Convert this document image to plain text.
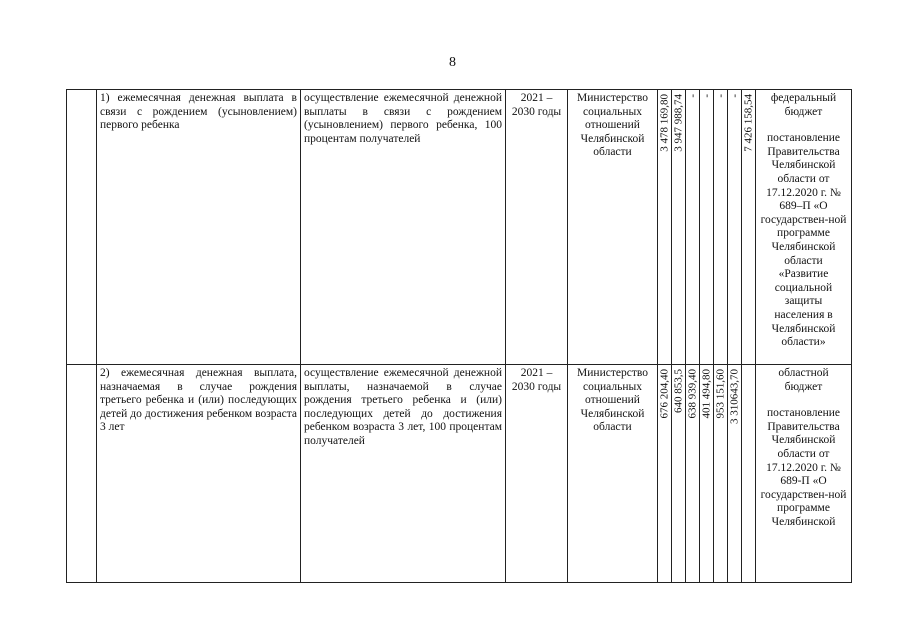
8
	1) ежемесячная денежная выплата в связи с рождением (усыновлением) первого ребенка	осуществление ежемесячной денежной выплаты в связи с рождением (усыновлением) первого ребенка, 100 процентам получателей	2021 – 2030 годы	Министерство социальных отношений Челябинской области	3 478 169,80	3 947 988,74	-	-	-	-	7 426 158,54	федеральный бюджет
постановление Правительства Челябинской области от 17.12.2020 г. № 689–П «О государствен-ной программе Челябинской области «Развитие социальной защиты населения в Челябинской области»

	2) ежемесячная денежная выплата, назначаемая в случае рождения третьего ребенка и (или) последующих детей до достижения ребенком возраста 3 лет	осуществление ежемесячной денежной выплаты, назначаемой в случае рождения третьего ребенка и (или) последующих детей до достижения ребенком возраста 3 лет, 100 процентам получателей	2021 – 2030 годы	Министерство социальных отношений Челябинской области	676 204,40	640 853,5	638 939,40	401 494,80	953 151,60	3 310643,70		областной бюджет
постановление Правительства Челябинской области от 17.12.2020 г. № 689-П «О государствен-ной программе Челябинской
